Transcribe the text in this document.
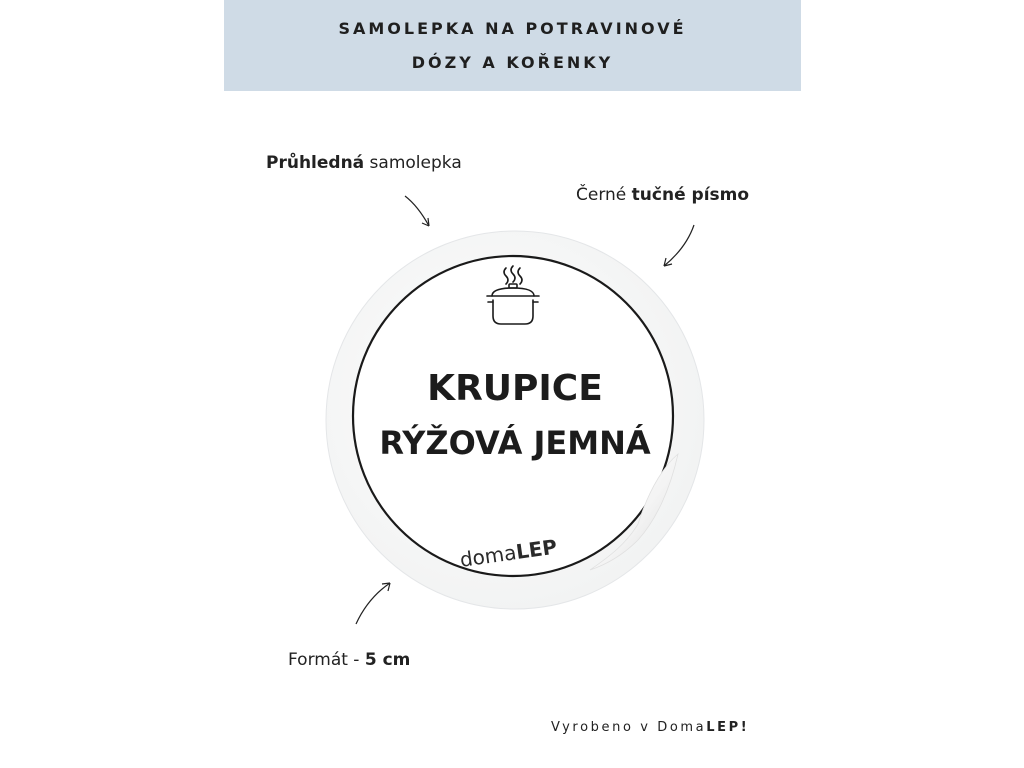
SAMOLEPKA NA POTRAVINOVÉ
DÓZY A KOŘENKY
Průhledná samolepka
Černé tučné písmo
Formát - 5 cm
KRUPICE
RÝŽOVÁ JEMNÁ
domaLEP
Vyrobeno v DomaLEP!
